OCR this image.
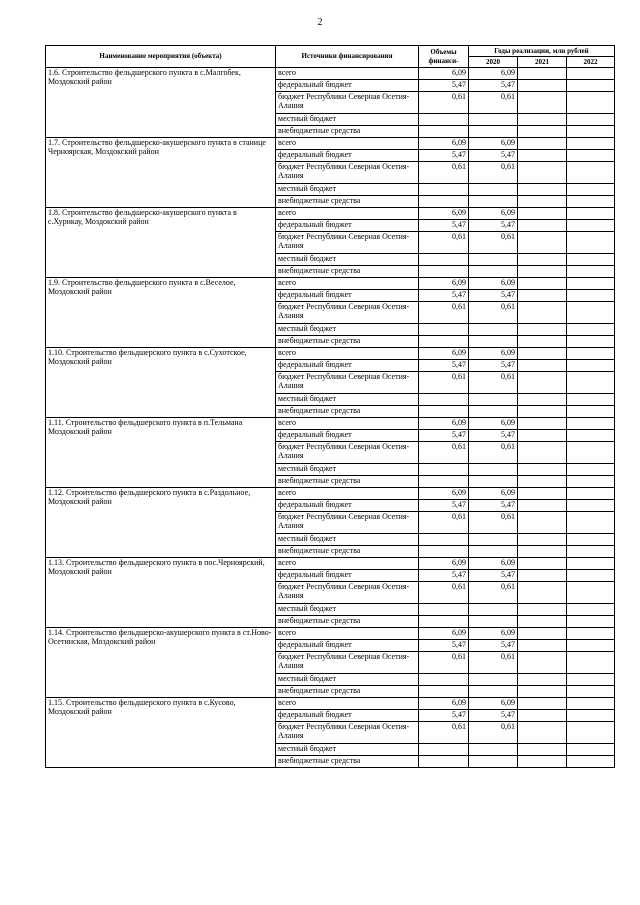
2
Наименование мероприятия (объекта)	Источники финансирования	Объемы финанси-	Годы реализации, млн рублей		
			2020	2021	2022
1.6. Строительство фельдшерского пункта в с.Малгобек, Моздокский район	всего	6,09	6,09		
	федеральный бюджет	5,47	5,47		
	бюджет Республики Северная Осетия-Алания	0,61	0,61		
	местный бюджет				
	внебюджетные средства				
1.7. Строительство фельдшерско-акушерского пункта в станице Черноярская, Моздокский район	всего	6,09	6,09		
	федеральный бюджет	5,47	5,47		
	бюджет Республики Северная Осетия-Алания	0,61	0,61		
	местный бюджет				
	внебюджетные средства				
1.8. Строительство фельдшерско-акушерского пункта в с.Хурикау, Моздокский район	всего	6,09	6,09		
	федеральный бюджет	5,47	5,47		
	бюджет Республики Северная Осетия-Алания	0,61	0,61		
	местный бюджет				
	внебюджетные средства				
1.9. Строительство фельдшерского пункта в с.Веселое, Моздокский район	всего	6,09	6,09		
	федеральный бюджет	5,47	5,47		
	бюджет Республики Северная Осетия-Алания	0,61	0,61		
	местный бюджет				
	внебюджетные средства				
1.10. Строительство фельдшерского пункта в с.Сухотское, Моздокский район	всего	6,09	6,09		
	федеральный бюджет	5,47	5,47		
	бюджет Республики Северная Осетия-Алания	0,61	0,61		
	местный бюджет				
	внебюджетные средства				
1.11. Строительство фельдшерского пункта в п.Тельмана Моздокский район	всего	6,09	6,09		
	федеральный бюджет	5,47	5,47		
	бюджет Республики Северная Осетия-Алания	0,61	0,61		
	местный бюджет				
	внебюджетные средства				
1.12. Строительство фельдшерского пункта в с.Раздольное, Моздокский район	всего	6,09	6,09		
	федеральный бюджет	5,47	5,47		
	бюджет Республики Северная Осетия-Алания	0,61	0,61		
	местный бюджет				
	внебюджетные средства				
1.13. Строительство фельдшерского пункта в пос.Черноярский, Моздокский район	всего	6,09	6,09		
	федеральный бюджет	5,47	5,47		
	бюджет Республики Северная Осетия-Алания	0,61	0,61		
	местный бюджет				
	внебюджетные средства				
1.14. Строительство фельдшерско-акушерского пункта в ст.Ново-Осетинская, Моздокский район	всего	6,09	6,09		
	федеральный бюджет	5,47	5,47		
	бюджет Республики Северная Осетия-Алания	0,61	0,61		
	местный бюджет				
	внебюджетные средства				
1.15. Строительство фельдшерского пункта в с.Кусово, Моздокский район	всего	6,09	6,09		
	федеральный бюджет	5,47	5,47		
	бюджет Республики Северная Осетия-Алания	0,61	0,61		
	местный бюджет				
	внебюджетные средства				
